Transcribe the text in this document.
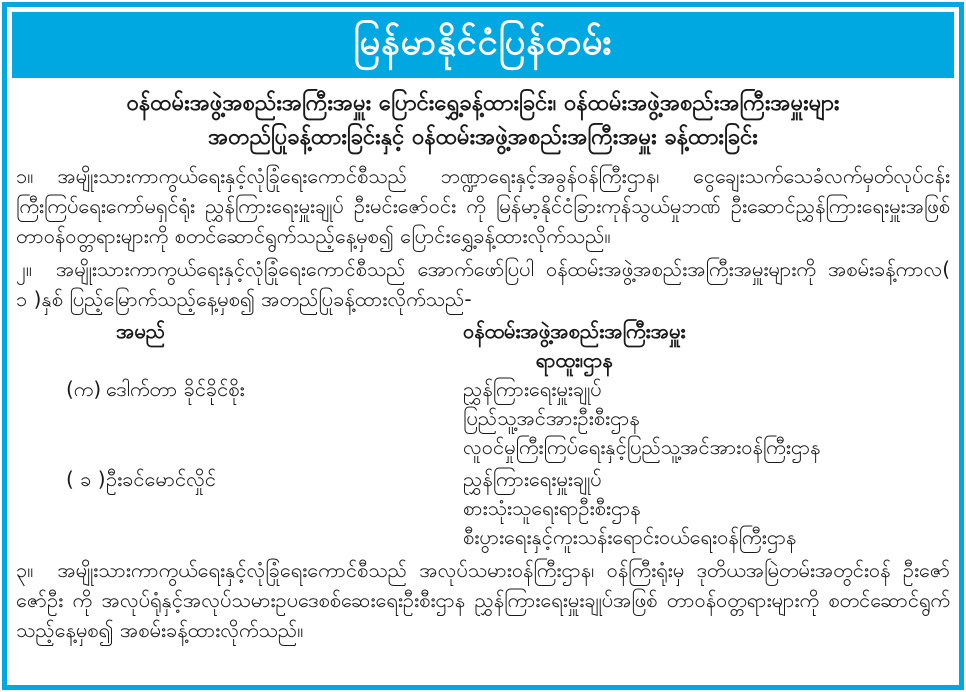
မြန်မာနိုင်ငံပြန်တမ်း
ဝန်ထမ်းအဖွဲ့အစည်းအကြီးအမှူး ပြောင်းရွှေ့ခန့်ထားခြင်း၊ ဝန်ထမ်းအဖွဲ့အစည်းအကြီးအမှူးများ
အတည်ပြုခန့်ထားခြင်းနှင့် ဝန်ထမ်းအဖွဲ့အစည်းအကြီးအမှူး ခန့်ထားခြင်း

၁။ အမျိုးသားကာကွယ်ရေးနှင့်လုံခြုံရေးကောင်စီသည် ဘဏ္ဍာရေးနှင့်အခွန်ဝန်ကြီးဌာန၊ ငွေချေးသက်သေခံလက်မှတ်လုပ်ငန်းကြီးကြပ်ရေးကော်မရှင်ရုံး ညွှန်ကြားရေးမှူးချုပ် ဦးမင်းဇော်ဝင်း ကို မြန်မာ့နိုင်ငံခြားကုန်သွယ်မှုဘဏ် ဦးဆောင်ညွှန်ကြားရေးမှူးအဖြစ် တာဝန်ဝတ္တရားများကို စတင်ဆောင်ရွက်သည့်နေ့မှစ၍ ပြောင်းရွှေ့ခန့်ထားလိုက်သည်။

၂။ အမျိုးသားကာကွယ်ရေးနှင့်လုံခြုံရေးကောင်စီသည် အောက်ဖော်ပြပါ ဝန်ထမ်းအဖွဲ့အစည်းအကြီးအမှူးများကို အစမ်းခန့်ကာလ( ၁ )နှစ် ပြည့်မြောက်သည့်နေ့မှစ၍ အတည်ပြုခန့်ထားလိုက်သည်-

အမည်	ဝန်ထမ်းအဖွဲ့အစည်းအကြီးအမှူး
ရာထူး၊ဌာန
(က) ဒေါက်တာ ခိုင်ခိုင်စိုး	ညွှန်ကြားရေးမှူးချုပ်
ပြည်သူ့အင်အားဦးစီးဌာန
လူဝင်မှုကြီးကြပ်ရေးနှင့်ပြည်သူ့အင်အားဝန်ကြီးဌာန
( ခ ) ဦးခင်မောင်လှိုင်	ညွှန်ကြားရေးမှူးချုပ်
စားသုံးသူရေးရာဦးစီးဌာန
စီးပွားရေးနှင့်ကူးသန်းရောင်းဝယ်ရေးဝန်ကြီးဌာန

၃။ အမျိုးသားကာကွယ်ရေးနှင့်လုံခြုံရေးကောင်စီသည် အလုပ်သမားဝန်ကြီးဌာန၊ ဝန်ကြီးရုံးမှ ဒုတိယအမြဲတမ်းအတွင်းဝန် ဦးဇော်ဇော်ဦး ကို အလုပ်ရုံနှင့်အလုပ်သမားဥပဒေစစ်ဆေးရေးဦးစီးဌာန ညွှန်ကြားရေးမှူးချုပ်အဖြစ် တာဝန်ဝတ္တရားများကို စတင်ဆောင်ရွက်သည့်နေ့မှစ၍ အစမ်းခန့်ထားလိုက်သည်။
